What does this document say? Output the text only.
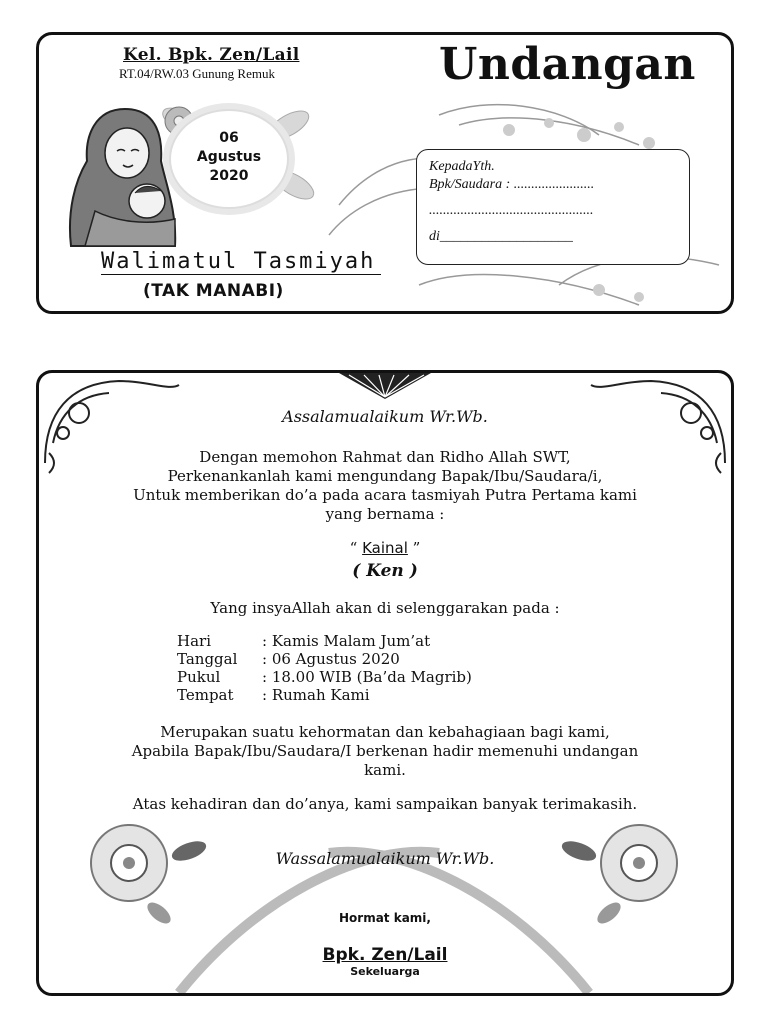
Kel. Bpk. Zen/Lail
RT.04/RW.03 Gunung Remuk	Undangan
06
Agustus
2020
Walimatul Tasmiyah
(TAK MANABI)
KepadaYth.
Bpk/Saudara : .......................
...............................................
di___________________
Assalamualaikum Wr.Wb.
Dengan memohon Rahmat dan Ridho Allah SWT,
Perkenankanlah kami mengundang Bapak/Ibu/Saudara/i,
Untuk memberikan do’a pada acara tasmiyah Putra Pertama kami
yang bernama :
“ Kainal ”
( Ken )
Yang insyaAllah akan di selenggarakan pada :
Hari	: Kamis Malam Jum’at
Tanggal	: 06 Agustus 2020
Pukul	: 18.00 WIB (Ba’da Magrib)
Tempat	: Rumah Kami
Merupakan suatu kehormatan dan kebahagiaan bagi kami,
Apabila Bapak/Ibu/Saudara/I berkenan hadir memenuhi undangan
kami.
Atas kehadiran dan do’anya, kami sampaikan banyak terimakasih.
Wassalamualaikum Wr.Wb.
Hormat kami,
Bpk. Zen/Lail
Sekeluarga
